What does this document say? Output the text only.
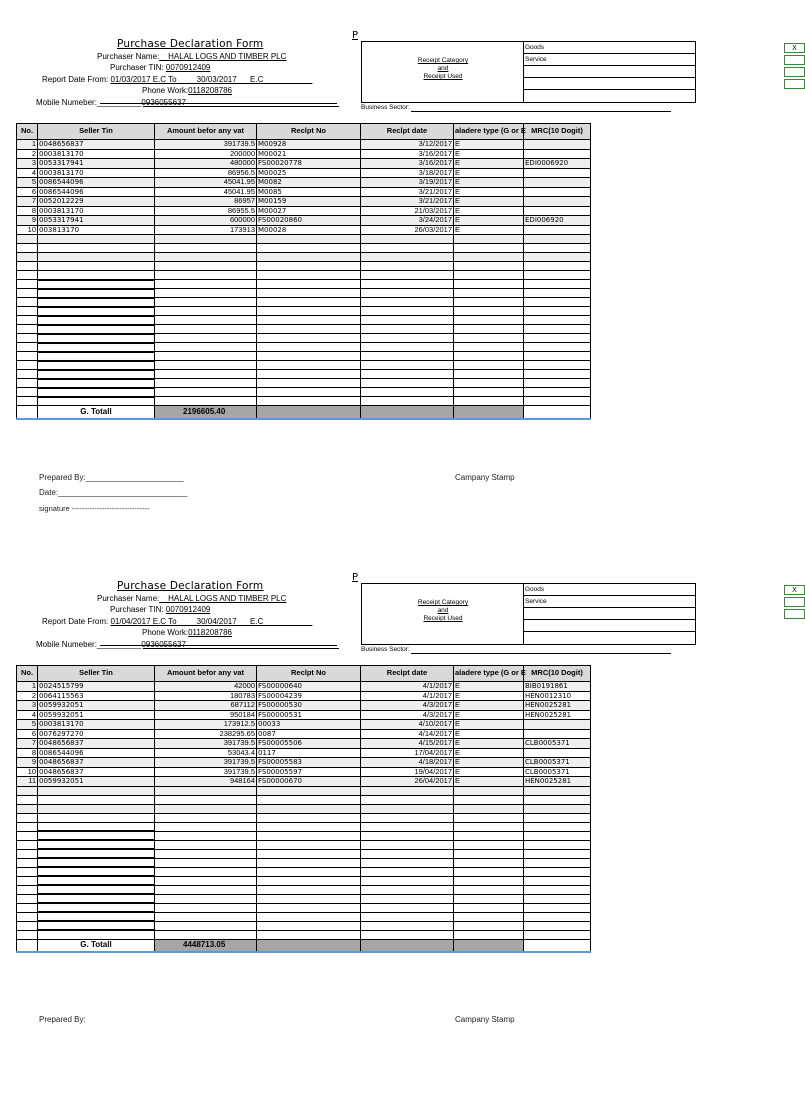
Purchase Declaration Form
P
Purchaser Name:__HALAL LOGS AND TIMBER PLC
Purchaser TIN: 0070912409
Report Date From: 01/03/2017 E.C To ____30/03/2017___E.C___________
Phone Work:0118208786
Mobile Numeber:__________0936055637
Receipt Category
and
Receipt Used
Goods	X
Service
Business Sector:
No.	Seller Tin	Amount befor any vat	Reclpt No	Reclpt date	aladere type (G or E	MRC(10 Dogit)
1	0048656837	391739.5	M00928	3/12/2017	E	
2	0003813170	200000	M00021	3/16/2017	E	
3	0053317941	480000	FS00020778	3/16/2017	E	EDI0006920
4	0003813170	86956.5	M00025	3/18/2017	E	
5	0086544096	45041.95	M0082	3/19/2017	E	
6	0086544096	45041.95	M0085	3/21/2017	E	
7	0052012229	86957	M00159	3/21/2017	E	
8	0003813170	86955.5	M00027	21/03/2017	E	
9	0053317941	600000	FS00020860	3/24/2017	E	EDI006920
10	003813170	173913	M00028	26/03/2017	E	

	G. Totall	2196605.40				
Prepared By:______________________	Campany Stamp
Date:_____________________________
signature -------------------------------
Purchase Declaration Form
P
Purchaser Name:__HALAL LOGS AND TIMBER PLC
Purchaser TIN: 0070912409
Report Date From: 01/04/2017 E.C To ____30/04/2017___E.C___________
Phone Work:0118208786
Mobile Numeber:__________0936055637
Receipt Category
and
Receipt Used
Goods	X
Service
Business Sector:
No.	Seller Tin	Amount befor any vat	Reclpt No	Reclpt date	aladere type (G or E	MRC(10 Dogit)
1	0024515799	42000	FS00000640	4/1/2017	E	BIB0191861
2	0064115563	180783	FS00004239	4/1/2017	E	HEN0012310
3	0059932051	687112	FS00000530	4/3/2017	E	HEN0025281
4	0059932051	950184	FS00000531	4/3/2017	E	HEN0025281
5	0003813170	173912.5	00033	4/10/2017	E	
6	0076297270	238295.65	0087	4/14/2017	E	
7	0048656837	391739.5	FS00005506	4/15/2017	E	CLB0005371
8	0086544096	53043.4	0117	17/04/2017	E	
9	0048656837	391739.5	FS00005583	4/18/2017	E	CLB0005371
10	0048656837	391739.5	FS00005597	19/04/2017	E	CLB0005371
11	0059932051	948164	FS00000670	26/04/2017	E	HEN0025281

	G. Totall	4448713.05				
Prepared By:	Campany Stamp
